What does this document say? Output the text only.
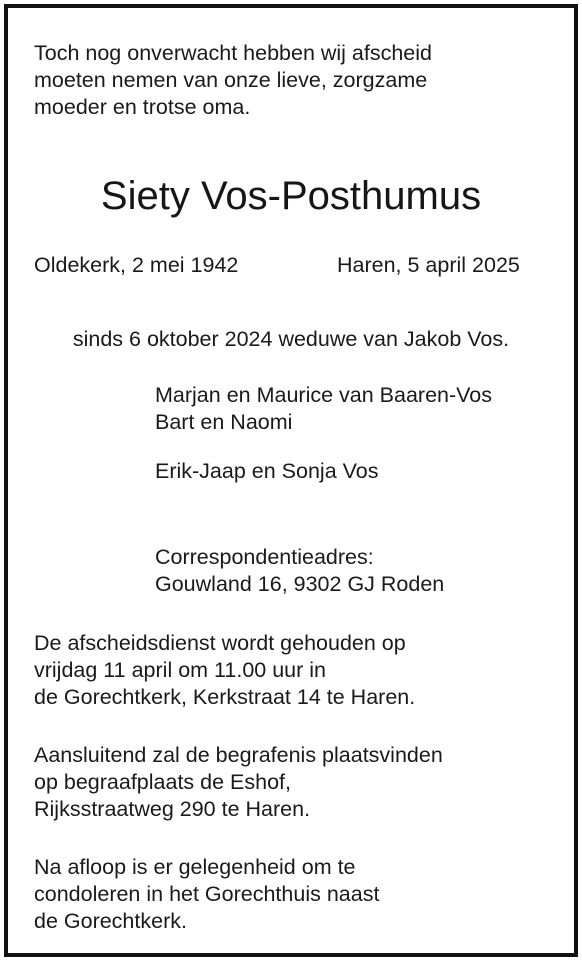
Toch nog onverwacht hebben wij afscheid
moeten nemen van onze lieve, zorgzame
moeder en trotse oma.

Siety Vos-Posthumus

Oldekerk, 2 mei 1942	Haren, 5 april 2025

sinds 6 oktober 2024 weduwe van Jakob Vos.

Marjan en Maurice van Baaren-Vos
Bart en Naomi

Erik-Jaap en Sonja Vos

Correspondentieadres:

Gouwland 16, 9302 GJ Roden

De afscheidsdienst wordt gehouden op
vrijdag 11 april om 11.00 uur in
de Gorechtkerk, Kerkstraat 14 te Haren.

Aansluitend zal de begrafenis plaatsvinden
op begraafplaats de Eshof,
Rijksstraatweg 290 te Haren.

Na afloop is er gelegenheid om te
condoleren in het Gorechthuis naast
de Gorechtkerk.
